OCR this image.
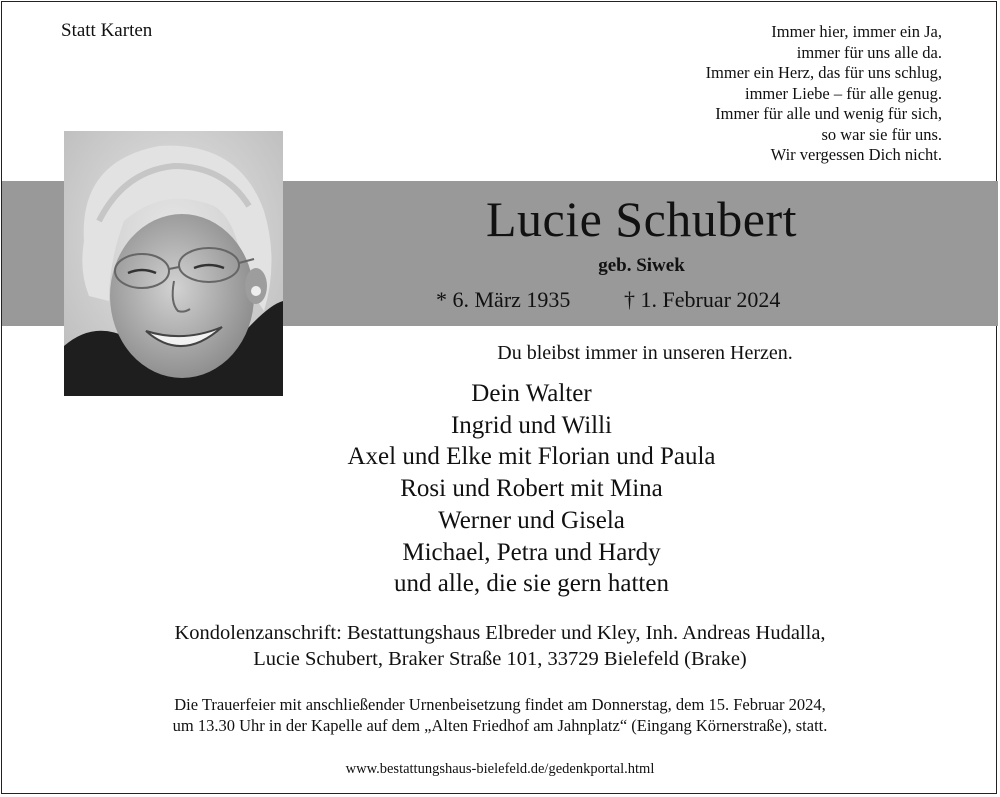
Statt Karten	Immer hier, immer ein Ja,
immer für uns alle da.
Immer ein Herz, das für uns schlug,
immer Liebe – für alle genug.
Immer für alle und wenig für sich,
so war sie für uns.
Wir vergessen Dich nicht.
Lucie Schubert
geb. Siwek
* 6. März 1935 † 1. Februar 2024
Du bleibst immer in unseren Herzen.
Dein Walter
Ingrid und Willi
Axel und Elke mit Florian und Paula
Rosi und Robert mit Mina
Werner und Gisela
Michael, Petra und Hardy
und alle, die sie gern hatten
Kondolenzanschrift: Bestattungshaus Elbreder und Kley, Inh. Andreas Hudalla,
Lucie Schubert, Braker Straße 101, 33729 Bielefeld (Brake)
Die Trauerfeier mit anschließender Urnenbeisetzung findet am Donnerstag, dem 15. Februar 2024,
um 13.30 Uhr in der Kapelle auf dem „Alten Friedhof am Jahnplatz“ (Eingang Körnerstraße), statt.
www.bestattungshaus-bielefeld.de/gedenkportal.html
